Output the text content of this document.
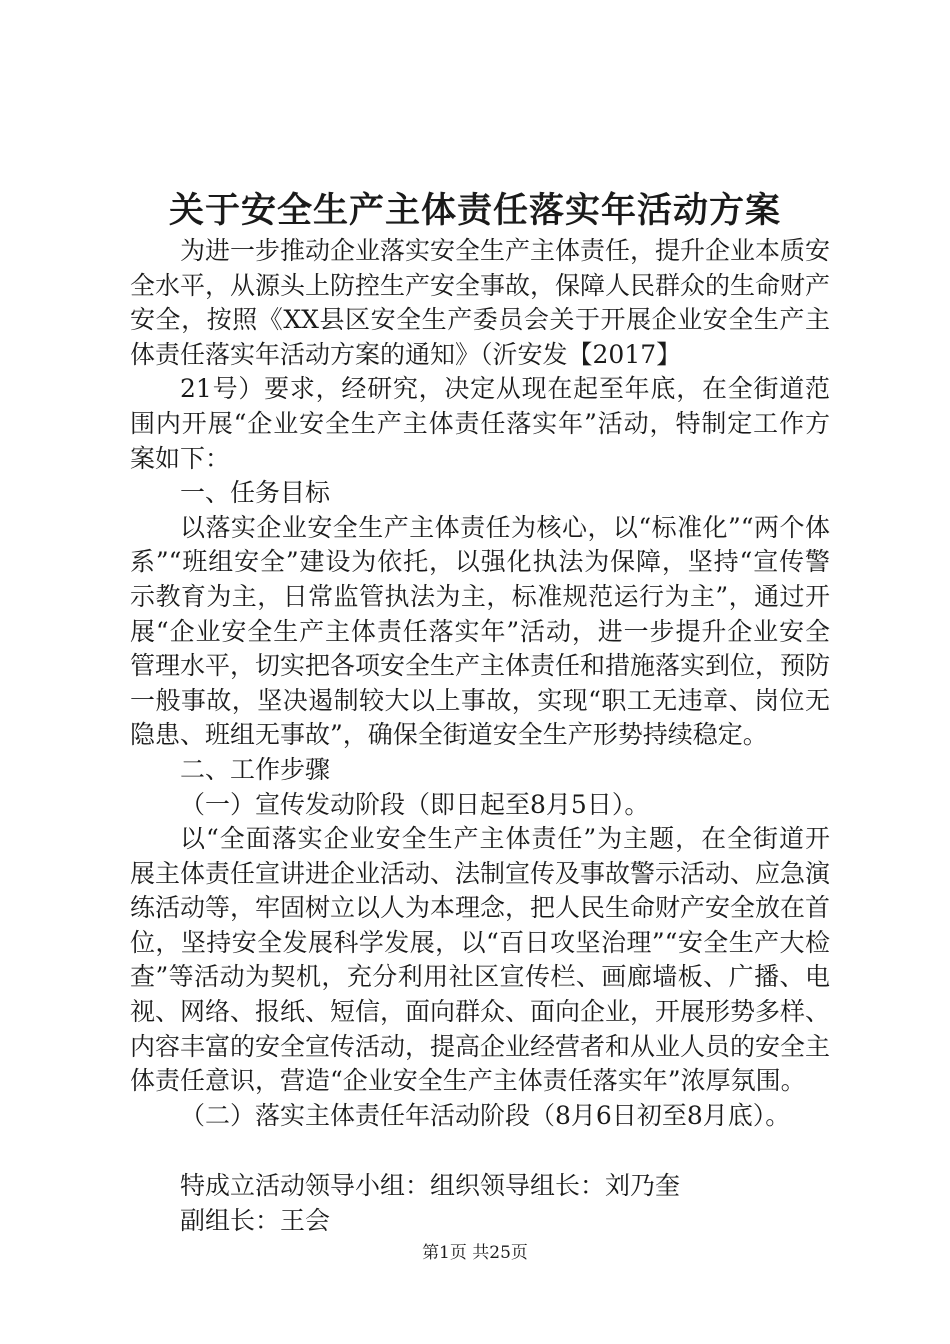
关于安全生产主体责任落实年活动方案

为进一步推动企业落实安全生产主体责任，提升企业本质安全水平，从源头上防控生产安全事故，保障人民群众的生命财产安全，按照《XX县区安全生产委员会关于开展企业安全生产主体责任落实年活动方案的通知》（沂安发【2017】

21号）要求，经研究，决定从现在起至年底，在全街道范围内开展“企业安全生产主体责任落实年”活动，特制定工作方案如下：

一、任务目标

以落实企业安全生产主体责任为核心，以“标准化”“两个体系”“班组安全”建设为依托，以强化执法为保障，坚持“宣传警示教育为主，日常监管执法为主，标准规范运行为主”，通过开展“企业安全生产主体责任落实年”活动，进一步提升企业安全管理水平，切实把各项安全生产主体责任和措施落实到位，预防一般事故，坚决遏制较大以上事故，实现“职工无违章、岗位无隐患、班组无事故”，确保全街道安全生产形势持续稳定。

二、工作步骤

（一）宣传发动阶段（即日起至8月5日）。

以“全面落实企业安全生产主体责任”为主题，在全街道开展主体责任宣讲进企业活动、法制宣传及事故警示活动、应急演练活动等，牢固树立以人为本理念，把人民生命财产安全放在首位，坚持安全发展科学发展，以“百日攻坚治理”“安全生产大检查”等活动为契机，充分利用社区宣传栏、画廊墙板、广播、电视、网络、报纸、短信，面向群众、面向企业，开展形势多样、内容丰富的安全宣传活动，提高企业经营者和从业人员的安全主体责任意识，营造“企业安全生产主体责任落实年”浓厚氛围。

（二）落实主体责任年活动阶段（8月6日初至8月底）。

特成立活动领导小组：组织领导组长：刘乃奎

副组长：王会

第1页 共25页
